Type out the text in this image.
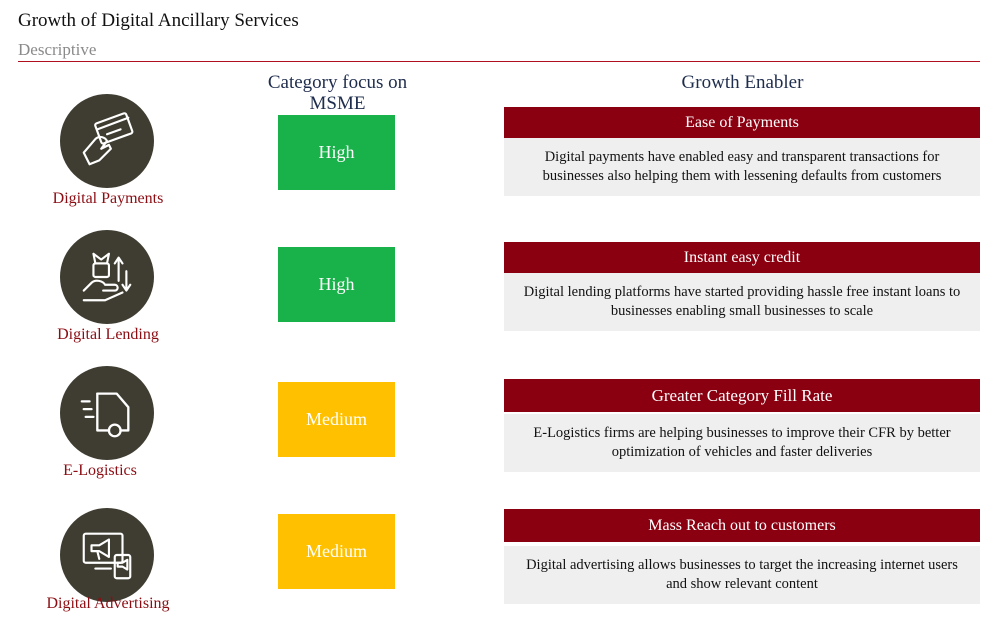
Growth of Digital Ancillary Services
Descriptive
Category focus on MSME
Growth Enabler
Digital Payments
High
Ease of Payments
Digital payments have enabled easy and transparent transactions for businesses also helping them with lessening defaults from customers
Digital Lending
High
Instant easy credit
Digital lending platforms have started providing hassle free instant loans to businesses enabling small businesses to scale
E-Logistics
Medium
Greater Category Fill Rate
E-Logistics firms are helping businesses to improve their CFR by better optimization of vehicles and faster deliveries
Digital Advertising
Medium
Mass Reach out to customers
Digital advertising allows businesses to target the increasing internet users and show relevant content
